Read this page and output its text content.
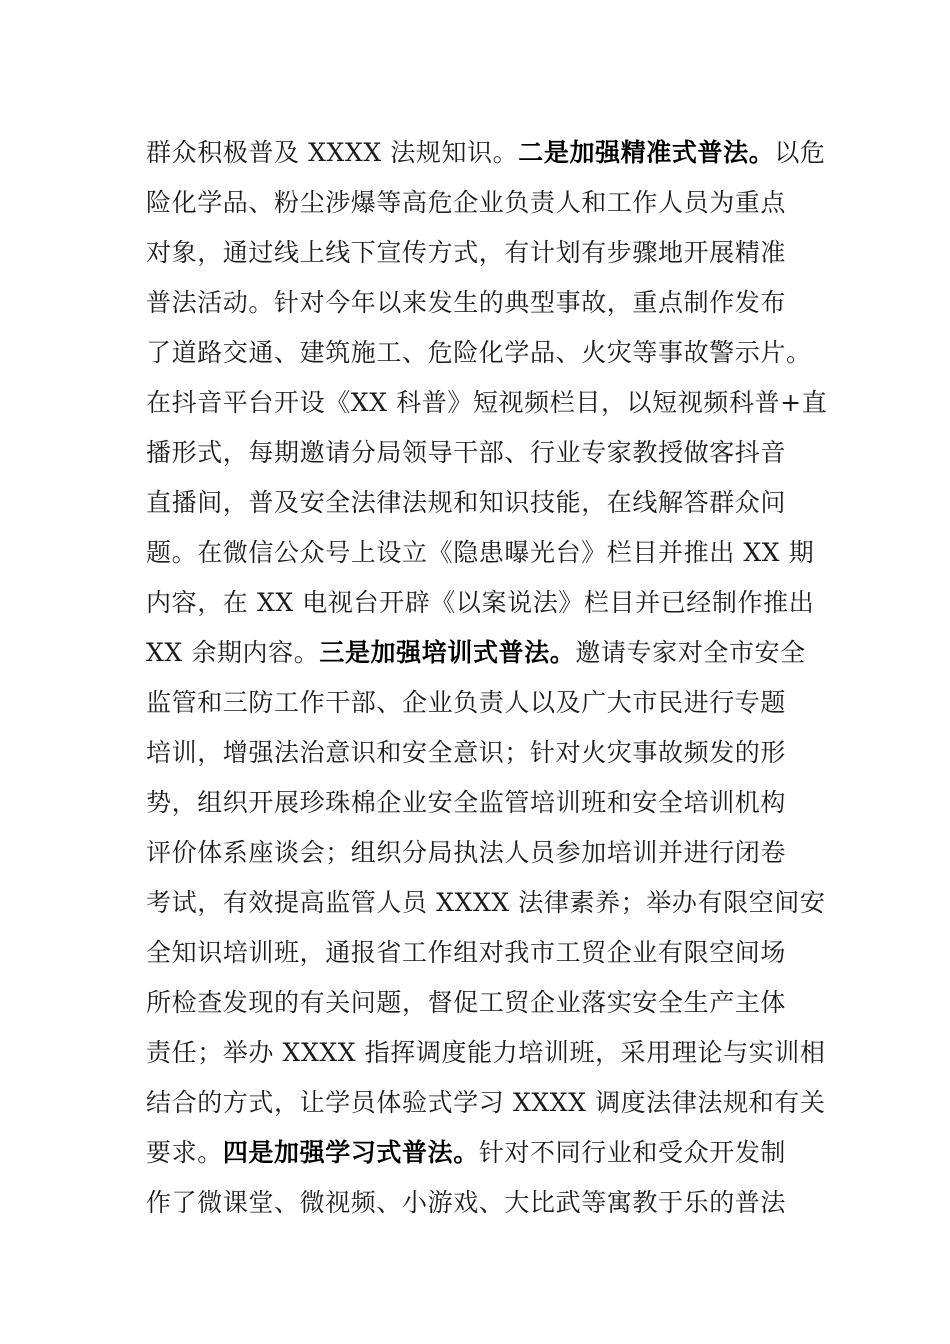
群众积极普及 XXXX 法规知识。二是加强精准式普法。以危
险化学品、粉尘涉爆等高危企业负责人和工作人员为重点
对象，通过线上线下宣传方式，有计划有步骤地开展精准
普法活动。针对今年以来发生的典型事故，重点制作发布
了道路交通、建筑施工、危险化学品、火灾等事故警示片。
在抖音平台开设《XX 科普》短视频栏目，以短视频科普+直
播形式，每期邀请分局领导干部、行业专家教授做客抖音
直播间，普及安全法律法规和知识技能，在线解答群众问
题。在微信公众号上设立《隐患曝光台》栏目并推出 XX 期
内容，在 XX 电视台开辟《以案说法》栏目并已经制作推出
XX 余期内容。三是加强培训式普法。邀请专家对全市安全
监管和三防工作干部、企业负责人以及广大市民进行专题
培训，增强法治意识和安全意识；针对火灾事故频发的形
势，组织开展珍珠棉企业安全监管培训班和安全培训机构
评价体系座谈会；组织分局执法人员参加培训并进行闭卷
考试，有效提高监管人员 XXXX 法律素养；举办有限空间安
全知识培训班，通报省工作组对我市工贸企业有限空间场
所检查发现的有关问题，督促工贸企业落实安全生产主体
责任；举办 XXXX 指挥调度能力培训班，采用理论与实训相
结合的方式，让学员体验式学习 XXXX 调度法律法规和有关
要求。四是加强学习式普法。针对不同行业和受众开发制
作了微课堂、微视频、小游戏、大比武等寓教于乐的普法
